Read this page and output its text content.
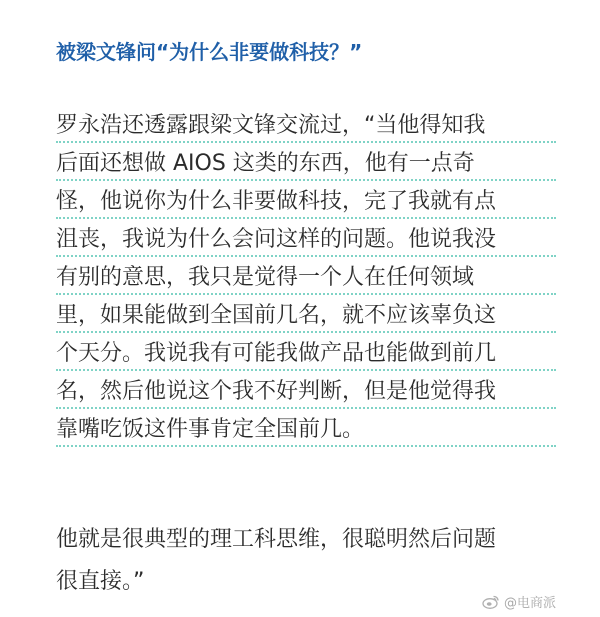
被梁文锋问“为什么非要做科技？”
罗永浩还透露跟梁文锋交流过，“当他得知我
后面还想做 AIOS 这类的东西，他有一点奇
怪，他说你为什么非要做科技，完了我就有点
沮丧，我说为什么会问这样的问题。他说我没
有别的意思，我只是觉得一个人在任何领域
里，如果能做到全国前几名，就不应该辜负这
个天分。我说我有可能我做产品也能做到前几
名，然后他说这个我不好判断，但是他觉得我
靠嘴吃饭这件事肯定全国前几。
他就是很典型的理工科思维，很聪明然后问题
很直接。”
@电商派
